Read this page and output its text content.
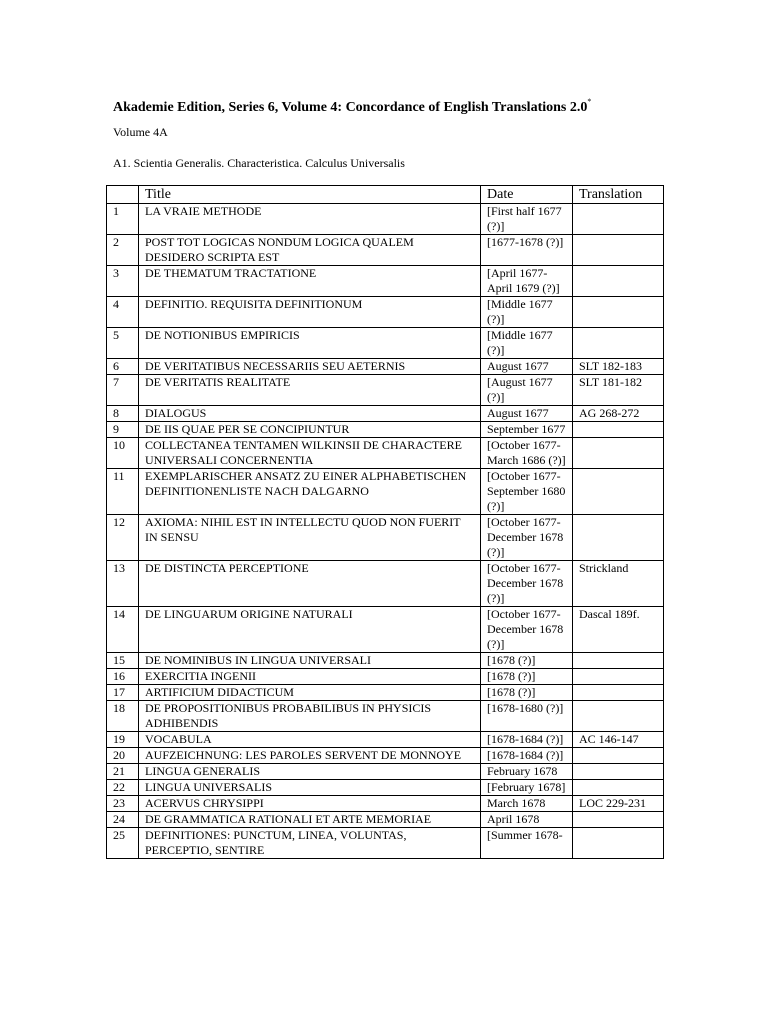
Akademie Edition, Series 6, Volume 4: Concordance of English Translations 2.0*
Volume 4A
A1. Scientia Generalis. Characteristica. Calculus Universalis
	Title	Date	Translation
1	LA VRAIE METHODE	[First half 1677 (?)]	
2	POST TOT LOGICAS NONDUM LOGICA QUALEM DESIDERO SCRIPTA EST	[1677-1678 (?)]	
3	DE THEMATUM TRACTATIONE	[April 1677-April 1679 (?)]	
4	DEFINITIO. REQUISITA DEFINITIONUM	[Middle 1677 (?)]	
5	DE NOTIONIBUS EMPIRICIS	[Middle 1677 (?)]	
6	DE VERITATIBUS NECESSARIIS SEU AETERNIS	August 1677	SLT 182-183
7	DE VERITATIS REALITATE	[August 1677 (?)]	SLT 181-182
8	DIALOGUS	August 1677	AG 268-272
9	DE IIS QUAE PER SE CONCIPIUNTUR	September 1677	
10	COLLECTANEA TENTAMEN WILKINSII DE CHARACTERE UNIVERSALI CONCERNENTIA	[October 1677-March 1686 (?)]	
11	EXEMPLARISCHER ANSATZ ZU EINER ALPHABETISCHEN DEFINITIONENLISTE NACH DALGARNO	[October 1677-September 1680 (?)]	
12	AXIOMA: NIHIL EST IN INTELLECTU QUOD NON FUERIT IN SENSU	[October 1677-December 1678 (?)]	
13	DE DISTINCTA PERCEPTIONE	[October 1677-December 1678 (?)]	Strickland
14	DE LINGUARUM ORIGINE NATURALI	[October 1677-December 1678 (?)]	Dascal 189f.
15	DE NOMINIBUS IN LINGUA UNIVERSALI	[1678 (?)]	
16	EXERCITIA INGENII	[1678 (?)]	
17	ARTIFICIUM DIDACTICUM	[1678 (?)]	
18	DE PROPOSITIONIBUS PROBABILIBUS IN PHYSICIS ADHIBENDIS	[1678-1680 (?)]	
19	VOCABULA	[1678-1684 (?)]	AC 146-147
20	AUFZEICHNUNG: LES PAROLES SERVENT DE MONNOYE	[1678-1684 (?)]	
21	LINGUA GENERALIS	February 1678	
22	LINGUA UNIVERSALIS	[February 1678]	
23	ACERVUS CHRYSIPPI	March 1678	LOC 229-231
24	DE GRAMMATICA RATIONALI ET ARTE MEMORIAE	April 1678	
25	DEFINITIONES: PUNCTUM, LINEA, VOLUNTAS, PERCEPTIO, SENTIRE	[Summer 1678-	
